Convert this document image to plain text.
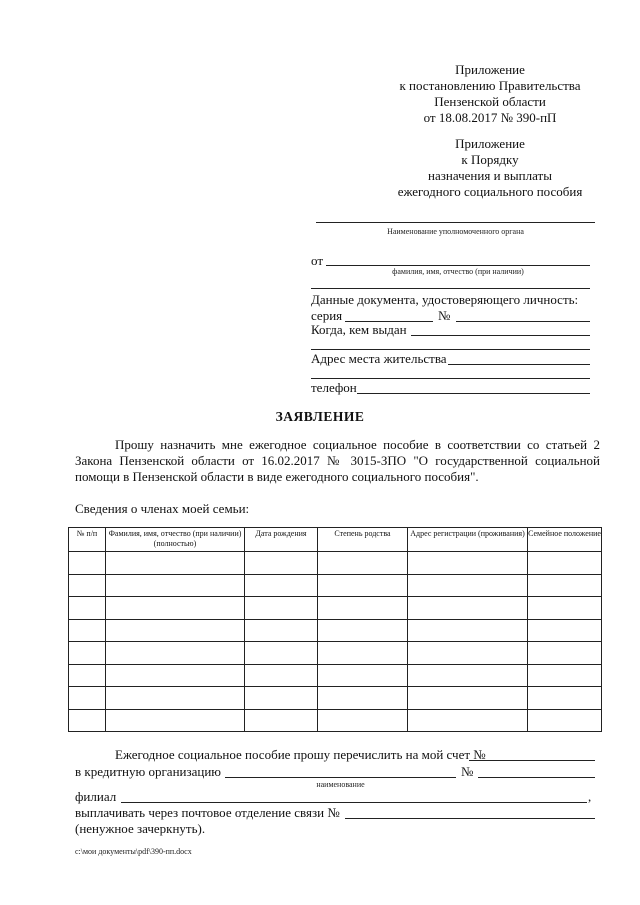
Приложение
к постановлению Правительства
Пензенской области
от 18.08.2017 № 390-пП
Приложение
к Порядку
назначения и выплаты
ежегодного социального пособия
Наименование уполномоченного органа
от
фамилия, имя, отчество (при наличии)
Данные документа, удостоверяющего личность:
серия	№
Когда, кем выдан
Адрес места жительства
телефон
ЗАЯВЛЕНИЕ
Прошу назначить мне ежегодное социальное пособие в соответствии со статьей 2 Закона Пензенской области от 16.02.2017 № 3015-ЗПО "О государственной социальной помощи в Пензенской области в виде ежегодного социального пособия".
Сведения о членах моей семьи:
№ п/п	Фамилия, имя, отчество (при наличии) (полностью)	Дата рождения	Степень родства	Адрес регистрации (проживания)	Семейное положение

Ежегодное социальное пособие прошу перечислить на мой счет №
в кредитную организацию
наименование
№
филиал	,
выплачивать через почтовое отделение связи №
(ненужное зачеркнуть).
c:\мои документы\pdf\390-пп.docx
